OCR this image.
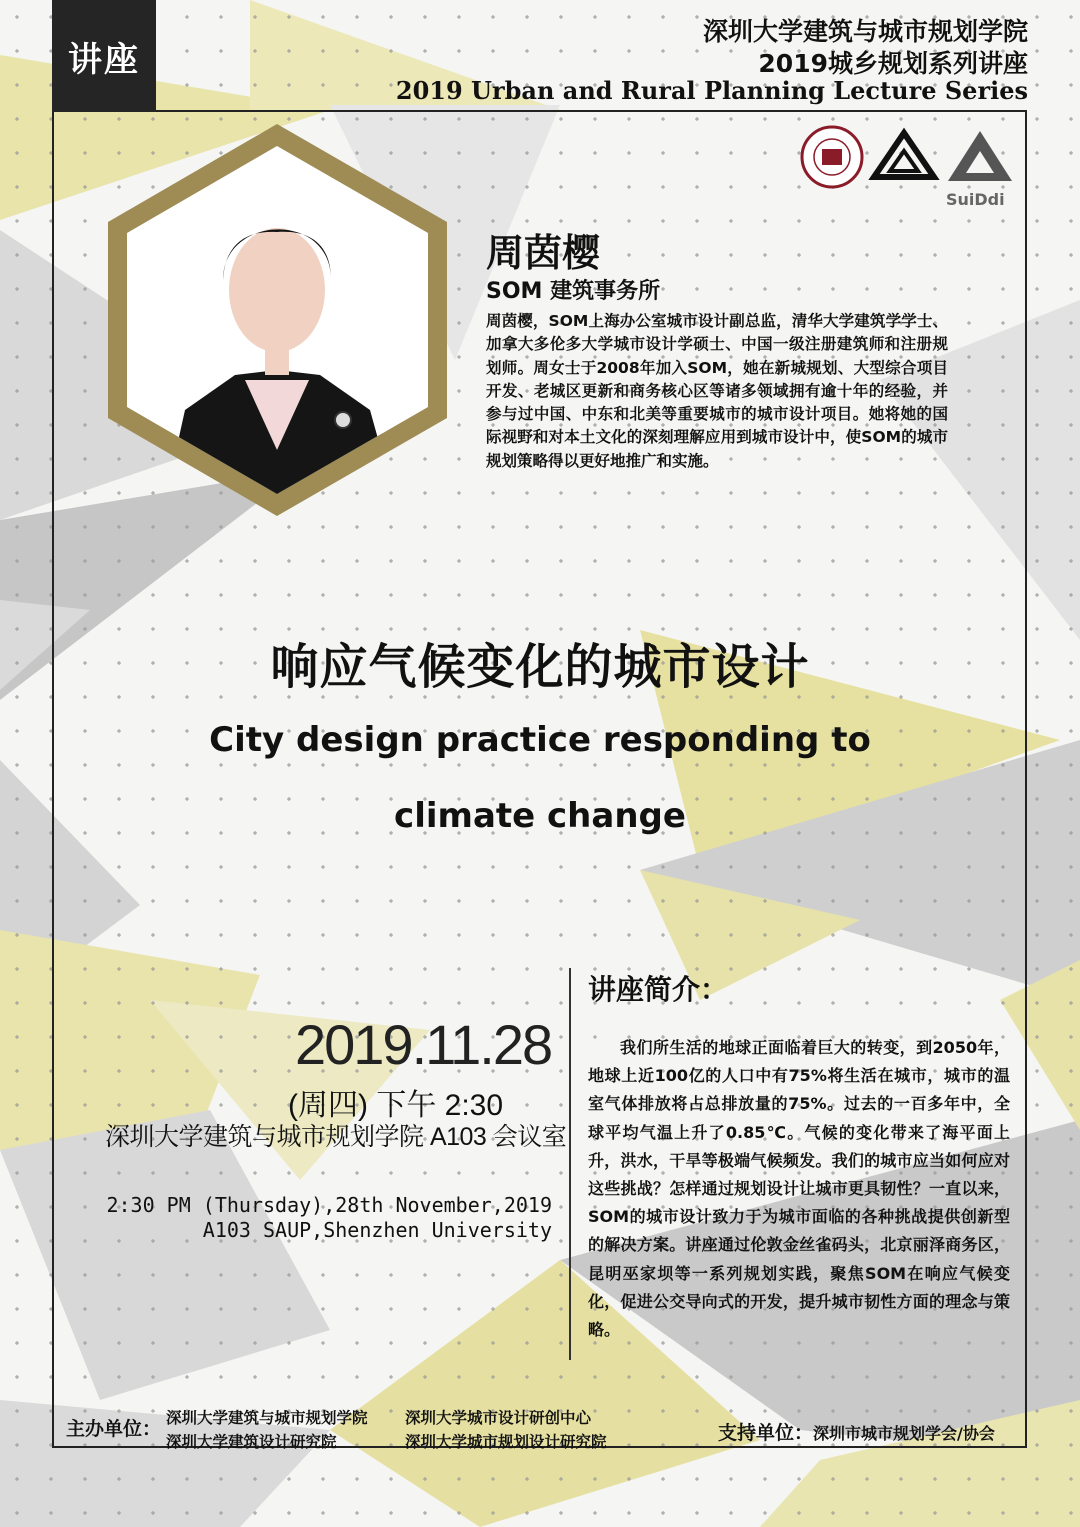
讲座
深圳大学建筑与城市规划学院
2019城乡规划系列讲座
2019 Urban and Rural Planning Lecture Series
SuiDdi
周茵樱
SOM 建筑事务所
周茵樱，SOM上海办公室城市设计副总监，清华大学建筑学学士、加拿大多伦多大学城市设计学硕士、中国一级注册建筑师和注册规划师。周女士于2008年加入SOM，她在新城规划、大型综合项目开发、老城区更新和商务核心区等诸多领域拥有逾十年的经验，并参与过中国、中东和北美等重要城市的城市设计项目。她将她的国际视野和对本土文化的深刻理解应用到城市设计中，使SOM的城市规划策略得以更好地推广和实施。
响应气候变化的城市设计
City design practice responding to
climate change
2019.11.28
(周四) 下午 2:30
深圳大学建筑与城市规划学院 A103 会议室
2:30 PM (Thursday),28th November,2019
A103 SAUP,Shenzhen University
讲座简介：
我们所生活的地球正面临着巨大的转变，到2050年，地球上近100亿的人口中有75%将生活在城市，城市的温室气体排放将占总排放量的75%。过去的一百多年中，全球平均气温上升了0.85℃。气候的变化带来了海平面上升，洪水，干旱等极端气候频发。我们的城市应当如何应对这些挑战？怎样通过规划设计让城市更具韧性？一直以来，SOM的城市设计致力于为城市面临的各种挑战提供创新型的解决方案。讲座通过伦敦金丝雀码头，北京丽泽商务区，昆明巫家坝等一系列规划实践，聚焦SOM在响应气候变化，促进公交导向式的开发，提升城市韧性方面的理念与策略。
主办单位： 深圳大学建筑与城市规划学院
深圳大学建筑设计研究院
深圳大学城市设计研创中心
深圳大学城市规划设计研究院	支持单位：深圳市城市规划学会/协会
